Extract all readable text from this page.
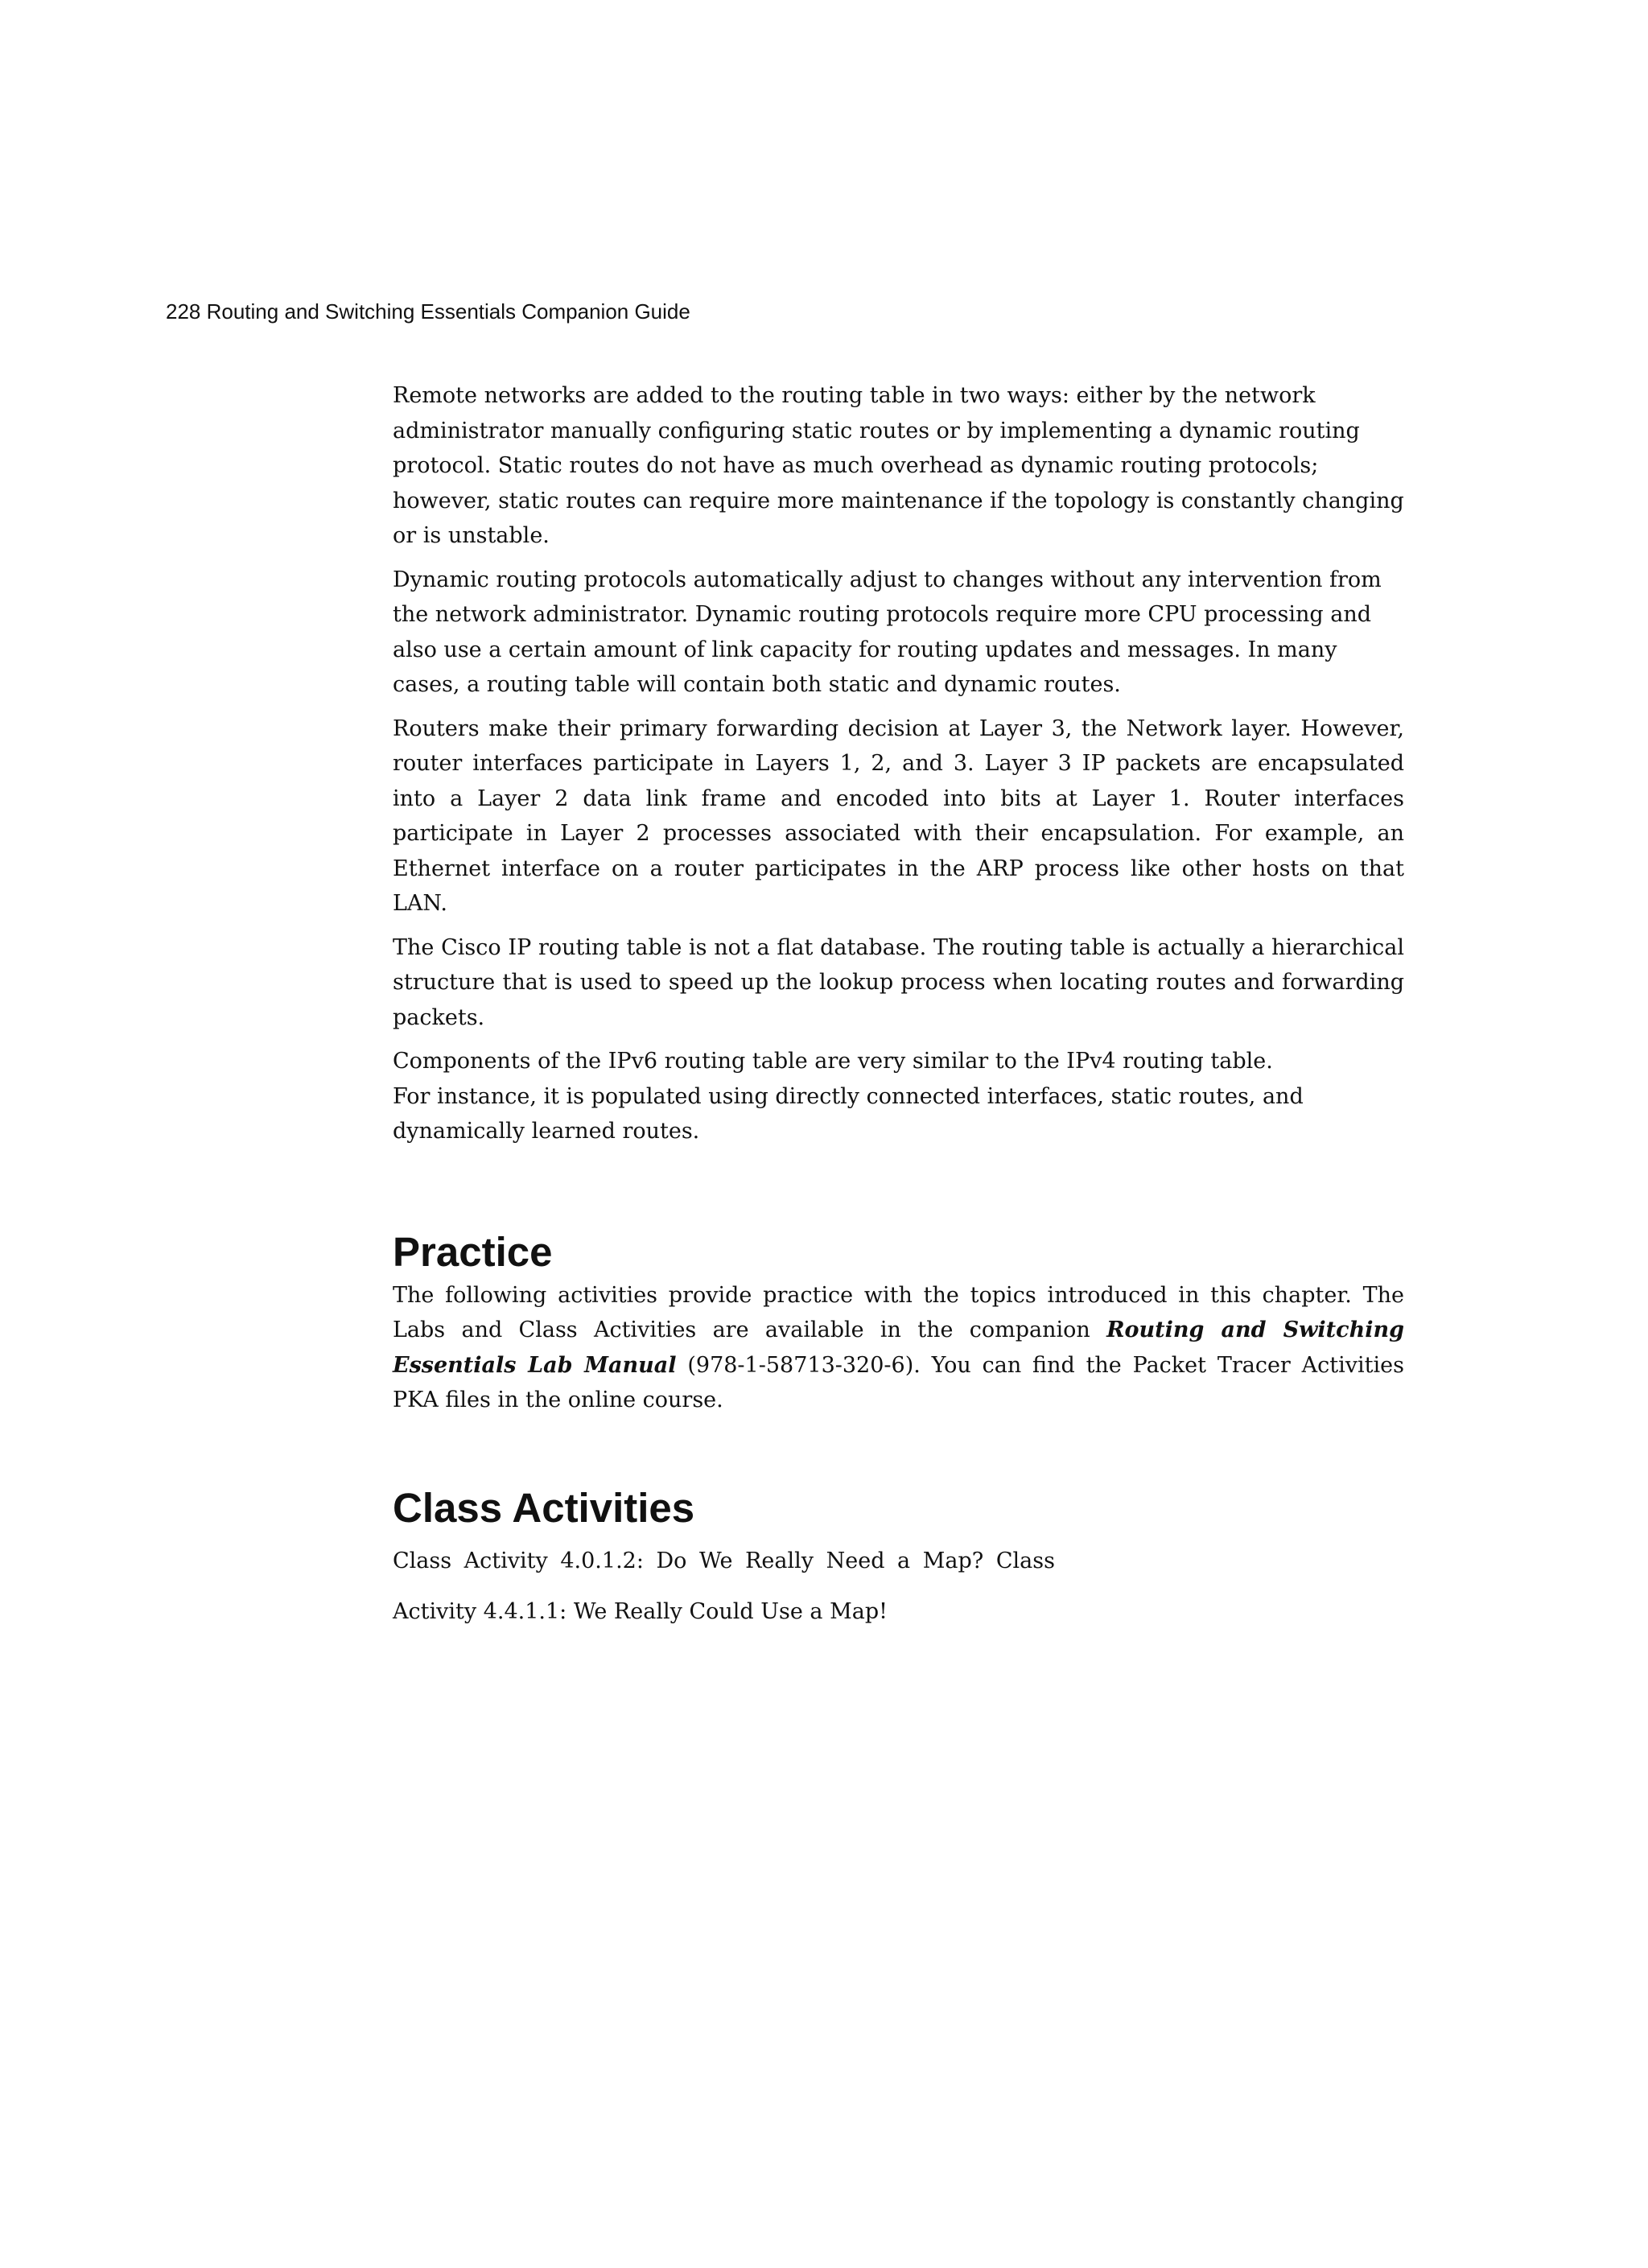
228 Routing and Switching Essentials Companion Guide

Remote networks are added to the routing table in two ways: either by the network administrator manually configuring static routes or by implementing a dynamic routing protocol. Static routes do not have as much overhead as dynamic routing protocols; however, static routes can require more maintenance if the topology is constantly changing or is unstable.

Dynamic routing protocols automatically adjust to changes without any intervention from the network administrator. Dynamic routing protocols require more CPU processing and also use a certain amount of link capacity for routing updates and messages. In many cases, a routing table will contain both static and dynamic routes.

Routers make their primary forwarding decision at Layer 3, the Network layer. However, router interfaces participate in Layers 1, 2, and 3. Layer 3 IP packets are encapsulated into a Layer 2 data link frame and encoded into bits at Layer 1. Router interfaces participate in Layer 2 processes associated with their encapsulation. For example, an Ethernet interface on a router participates in the ARP process like other hosts on that LAN.

The Cisco IP routing table is not a flat database. The routing table is actually a hierarchical structure that is used to speed up the lookup process when locating routes and forwarding packets.

Components of the IPv6 routing table are very similar to the IPv4 routing table.
For instance, it is populated using directly connected interfaces, static routes, and dynamically learned routes.

Practice

The following activities provide practice with the topics introduced in this chapter. The Labs and Class Activities are available in the companion Routing and Switching Essentials Lab Manual (978-1-58713-320-6). You can find the Packet Tracer Activities PKA files in the online course.

Class Activities

Class Activity 4.0.1.2: Do We Really Need a Map? Class

Activity 4.4.1.1: We Really Could Use a Map!
